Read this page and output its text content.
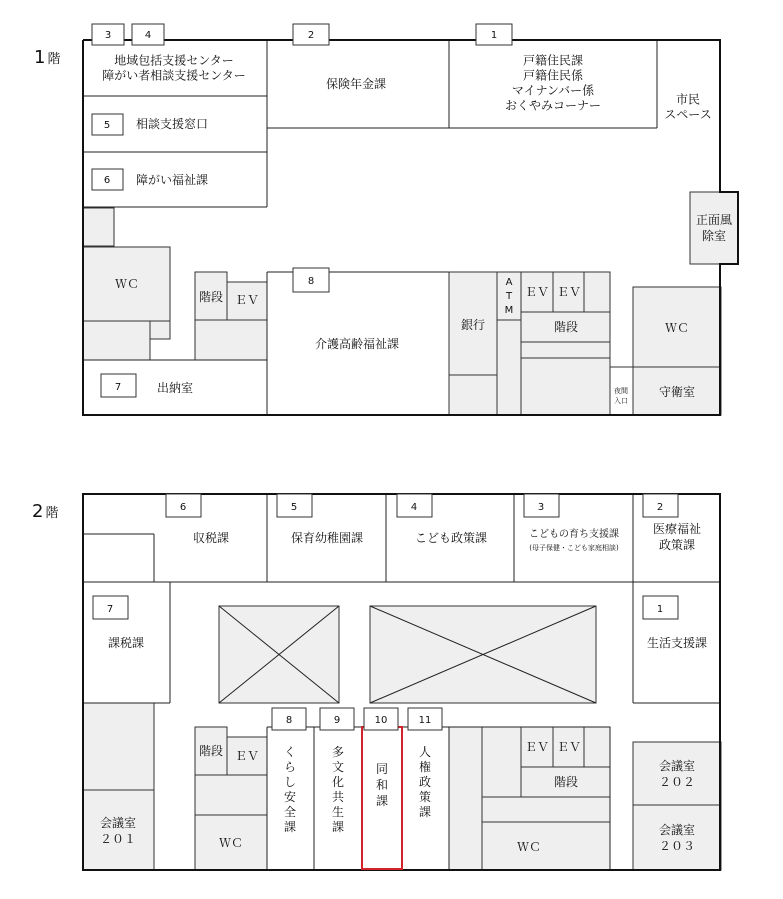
1 階
3	4	2	1
5
6
8
7
地域包括支援センター障がい者相談支援センター
保険年金課
戸籍住民課戸籍住民係マイナンバー係おくやみコーナー	市民スペース
相談支援窓口
障がい福祉課
正面風除室
ＷＣ
階段 ＥＶ
介護高齢福祉課
銀行
A T M
ＥＶ ＥＶ
階段	ＷＣ
出納室	守衛室
夜間入口
2 階	6	5	4	3	2
7	1
8	9	10	11
収税課	保育幼稚園課	こども政策課	こどもの育ち支援課
(母子保健・こども家庭相談)
医療福祉政策課
課税課	生活支援課
階段 ＥＶ
ＥＶ ＥＶ
階段
会議室２０２
会議室２０１
会議室２０３
ＷＣ	ＷＣ
くらし安全課
多文化共生課
同和課
人権政策課
